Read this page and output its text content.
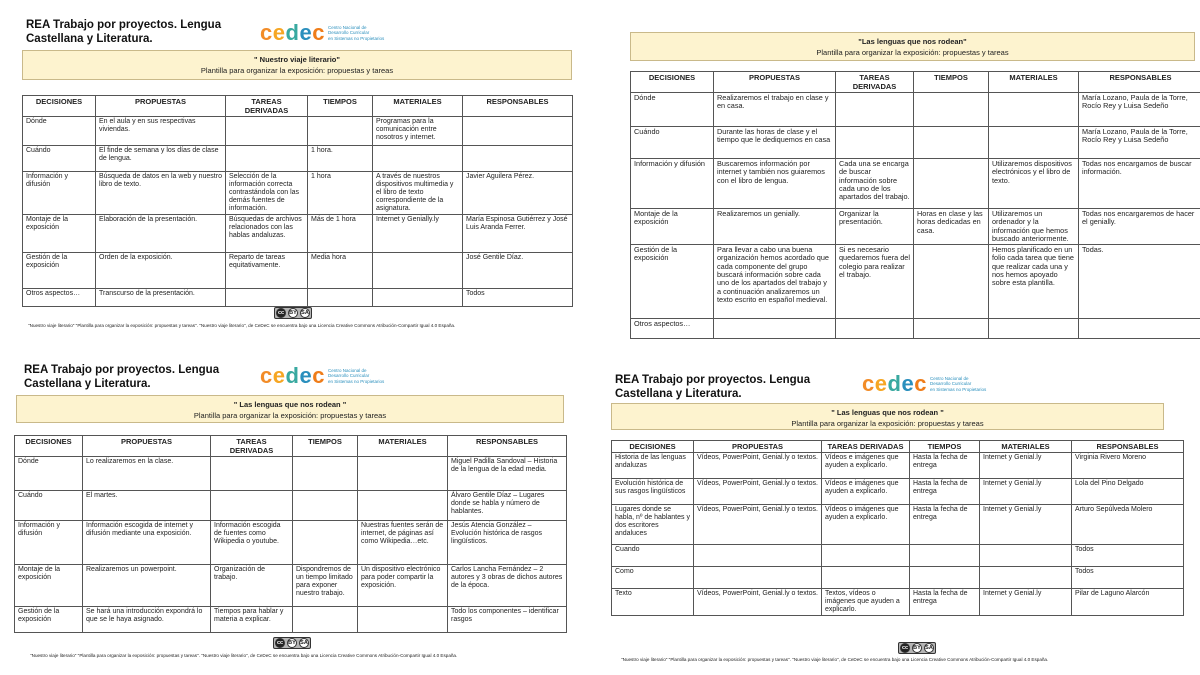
REA Trabajo por proyectos. Lengua
Castellana y Literatura.	cedec Centro Nacional de
Desarrollo Curricular
en Sistemas no Propietarios
" Nuestro viaje literario"
Plantilla para organizar la exposición: propuestas y tareas
DECISIONES	PROPUESTAS	TAREAS DERIVADAS	TIEMPOS	MATERIALES	RESPONSABLES
Dónde	En el aula y en sus respectivas viviendas.			Programas para la comunicación entre nosotros y internet.	
Cuándo	El finde de semana y los días de clase de lengua.		1 hora.		
Información y difusión	Búsqueda de datos en la web y nuestro libro de texto.	Selección de la información correcta contrastándola con las demás fuentes de información.	1 hora	A través de nuestros dispositivos multimedia y el libro de texto correspondiente de la asignatura.	Javier Aguilera Pérez.
Montaje de la exposición	Elaboración de la presentación.	Búsquedas de archivos relacionados con las hablas andaluzas.	Más de 1 hora	Internet y Genially.ly	María Espinosa Gutiérrez y José Luis Aranda Ferrer.
Gestión de la exposición	Orden de la exposición.	Reparto de tareas equitativamente.	Media hora		José Gentile Díaz.
Otros aspectos…	Transcurso de la presentación.				Todos
cc BY SA
"Nuestro viaje literario" "Plantilla para organizar la exposición: propuestas y tareas". "Nuestro viaje literario", de CeDeC se encuentra bajo una Licencia Creative Commons Atribución-Compartir Igual 4.0 España.
"Las lenguas que nos rodean"
Plantilla para organizar la exposición: propuestas y tareas
DECISIONES	PROPUESTAS	TAREAS DERIVADAS	TIEMPOS	MATERIALES	RESPONSABLES
Dónde	Realizaremos el trabajo en clase y en casa.				María Lozano, Paula de la Torre, Rocío Rey y Luisa Sedeño
Cuándo	Durante las horas de clase y el tiempo que le dediquemos en casa				María Lozano, Paula de la Torre, Rocío Rey y Luisa Sedeño
Información y difusión	Buscaremos información por internet y también nos guiaremos con el libro de lengua.	Cada una se encarga de buscar información sobre cada uno de los apartados del trabajo.		Utilizaremos dispositivos electrónicos y el libro de texto.	Todas nos encargamos de buscar información.
Montaje de la exposición	Realizaremos un genially.	Organizar la presentación.	Horas en clase y las horas dedicadas en casa.	Utilizaremos un ordenador y la información que hemos buscado anteriormente.	Todas nos encargaremos de hacer el genially.
Gestión de la exposición	Para llevar a cabo una buena organización hemos acordado que cada componente del grupo buscará información sobre cada uno de los apartados del trabajo y a continuación analizaremos un texto escrito en español medieval.	Si es necesario quedaremos fuera del colegio para realizar el trabajo.		Hemos planificado en un folio cada tarea que tiene que realizar cada una y nos hemos apoyado sobre esta plantilla.	Todas.
Otros aspectos…					
REA Trabajo por proyectos. Lengua
Castellana y Literatura.	cedec Centro Nacional de
Desarrollo Curricular
en Sistemas no Propietarios
" Las lenguas que nos rodean "
Plantilla para organizar la exposición: propuestas y tareas
DECISIONES	PROPUESTAS	TAREAS DERIVADAS	TIEMPOS	MATERIALES	RESPONSABLES
Dónde	Lo realizaremos en la clase.				Miguel Padilla Sandoval – Historia de la lengua de la edad media.
Cuándo	El martes.				Álvaro Gentile Díaz – Lugares donde se habla y número de hablantes.
Información y difusión	Información escogida de internet y difusión mediante una exposición.	Información escogida de fuentes como Wikipedia o youtube.		Nuestras fuentes serán de internet, de páginas así como Wikipedia…etc.	Jesús Atencia González – Evolución histórica de rasgos lingüísticos.
Montaje de la exposición	Realizaremos un powerpoint.	Organización de trabajo.	Dispondremos de un tiempo limitado para exponer nuestro trabajo.	Un dispositivo electrónico para poder compartir la exposición.	Carlos Lancha Fernández – 2 autores y 3 obras de dichos autores de la época.
Gestión de la exposición	Se hará una introducción expondrá lo que se le haya asignado.	Tiempos para hablar y materia a explicar.			Todo los componentes – identificar rasgos
cc BY SA
"Nuestro viaje literario" "Plantilla para organizar la exposición: propuestas y tareas". "Nuestro viaje literario", de CeDeC se encuentra bajo una Licencia Creative Commons Atribución-Compartir Igual 4.0 España.
REA Trabajo por proyectos. Lengua
Castellana y Literatura.	cedec Centro Nacional de
Desarrollo Curricular
en Sistemas no Propietarios
" Las lenguas que nos rodean "
Plantilla para organizar la exposición: propuestas y tareas
DECISIONES	PROPUESTAS	TAREAS DERIVADAS	TIEMPOS	MATERIALES	RESPONSABLES
Historia de las lenguas andaluzas	Vídeos, PowerPoint, Genial.ly o textos.	Vídeos e imágenes que ayuden a explicarlo.	Hasta la fecha de entrega	Internet y Genial.ly	Virginia Rivero Moreno
Evolución histórica de sus rasgos lingüísticos	Vídeos, PowerPoint, Genial.ly o textos.	Vídeos e imágenes que ayuden a explicarlo.	Hasta la fecha de entrega	Internet y Genial.ly	Lola del Pino Delgado
Lugares donde se habla, nº de hablantes y dos escritores andaluces	Vídeos, PowerPoint, Genial.ly o textos.	Vídeos o imágenes que ayuden a explicarlo.	Hasta la fecha de entrega	Internet y Genial.ly	Arturo Sepúlveda Molero
Cuando					Todos
Como					Todos
Texto	Vídeos, PowerPoint, Genial.ly o textos.	Textos, vídeos o imágenes que ayuden a explicarlo.	Hasta la fecha de entrega	Internet y Genial.ly	Pilar de Laguno Alarcón
cc BY SA
"Nuestro viaje literario" "Plantilla para organizar la exposición: propuestas y tareas". "Nuestro viaje literario", de CeDeC se encuentra bajo una Licencia Creative Commons Atribución-Compartir Igual 4.0 España.
